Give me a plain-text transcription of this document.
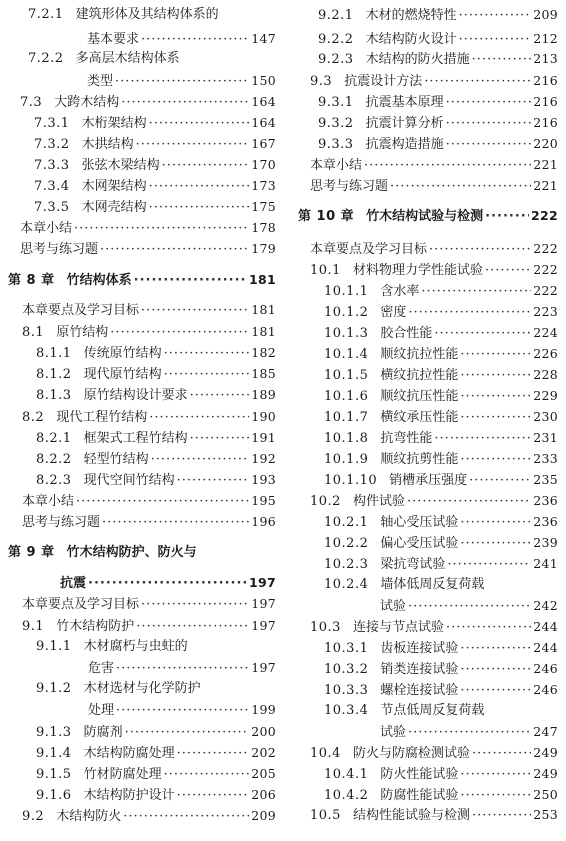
7.2.1 建筑形体及其结构体系的
基本要求 ·····	147
7.2.2 多高层木结构体系
类型 ·····	150
7.3 大跨木结构 ·····	164
7.3.1 木桁架结构 ·····	164
7.3.2 木拱结构 ·····	167
7.3.3 张弦木梁结构 ·····	170
7.3.4 木网架结构 ·····	173
7.3.5 木网壳结构 ·····	175
本章小结 ·····	178
思考与练习题 ·····	179
第 8 章 竹结构体系 ·····	181
本章要点及学习目标 ·····	181
8.1 原竹结构 ·····	181
8.1.1 传统原竹结构 ·····	182
8.1.2 现代原竹结构 ·····	185
8.1.3 原竹结构设计要求 ·····	189
8.2 现代工程竹结构 ·····	190
8.2.1 框架式工程竹结构 ·····	191
8.2.2 轻型竹结构 ·····	192
8.2.3 现代空间竹结构 ·····	193
本章小结 ·····	195
思考与练习题 ·····	196
第 9 章 竹木结构防护、防火与
抗震 ·····	197
本章要点及学习目标 ·····	197
9.1 竹木结构防护 ·····	197
9.1.1 木材腐朽与虫蛀的
危害 ·····	197
9.1.2 木材选材与化学防护
处理 ·····	199
9.1.3 防腐剂 ·····	200
9.1.4 木结构防腐处理 ·····	202
9.1.5 竹材防腐处理 ·····	205
9.1.6 木结构防护设计 ·····	206
9.2 木结构防火 ·····	209
9.2.1 木材的燃烧特性 ·····	209
9.2.2 木结构防火设计 ·····	212
9.2.3 木结构的防火措施 ·····	213
9.3 抗震设计方法 ·····	216
9.3.1 抗震基本原理 ·····	216
9.3.2 抗震计算分析 ·····	216
9.3.3 抗震构造措施 ·····	220
本章小结 ·····	221
思考与练习题 ·····	221
第 10 章 竹木结构试验与检测 ·····	222
本章要点及学习目标 ·····	222
10.1 材料物理力学性能试验 ·····	222
10.1.1 含水率 ·····	222
10.1.2 密度 ·····	223
10.1.3 胶合性能 ·····	224
10.1.4 顺纹抗拉性能 ·····	226
10.1.5 横纹抗拉性能 ·····	228
10.1.6 顺纹抗压性能 ·····	229
10.1.7 横纹承压性能 ·····	230
10.1.8 抗弯性能 ·····	231
10.1.9 顺纹抗剪性能 ·····	233
10.1.10 销槽承压强度 ·····	235
10.2 构件试验 ·····	236
10.2.1 轴心受压试验 ·····	236
10.2.2 偏心受压试验 ·····	239
10.2.3 梁抗弯试验 ·····	241
10.2.4 墙体低周反复荷载
试验 ·····	242
10.3 连接与节点试验 ·····	244
10.3.1 齿板连接试验 ·····	244
10.3.2 销类连接试验 ·····	246
10.3.3 螺栓连接试验 ·····	246
10.3.4 节点低周反复荷载
试验 ·····	247
10.4 防火与防腐检测试验 ·····	249
10.4.1 防火性能试验 ·····	249
10.4.2 防腐性能试验 ·····	250
10.5 结构性能试验与检测 ·····	253
